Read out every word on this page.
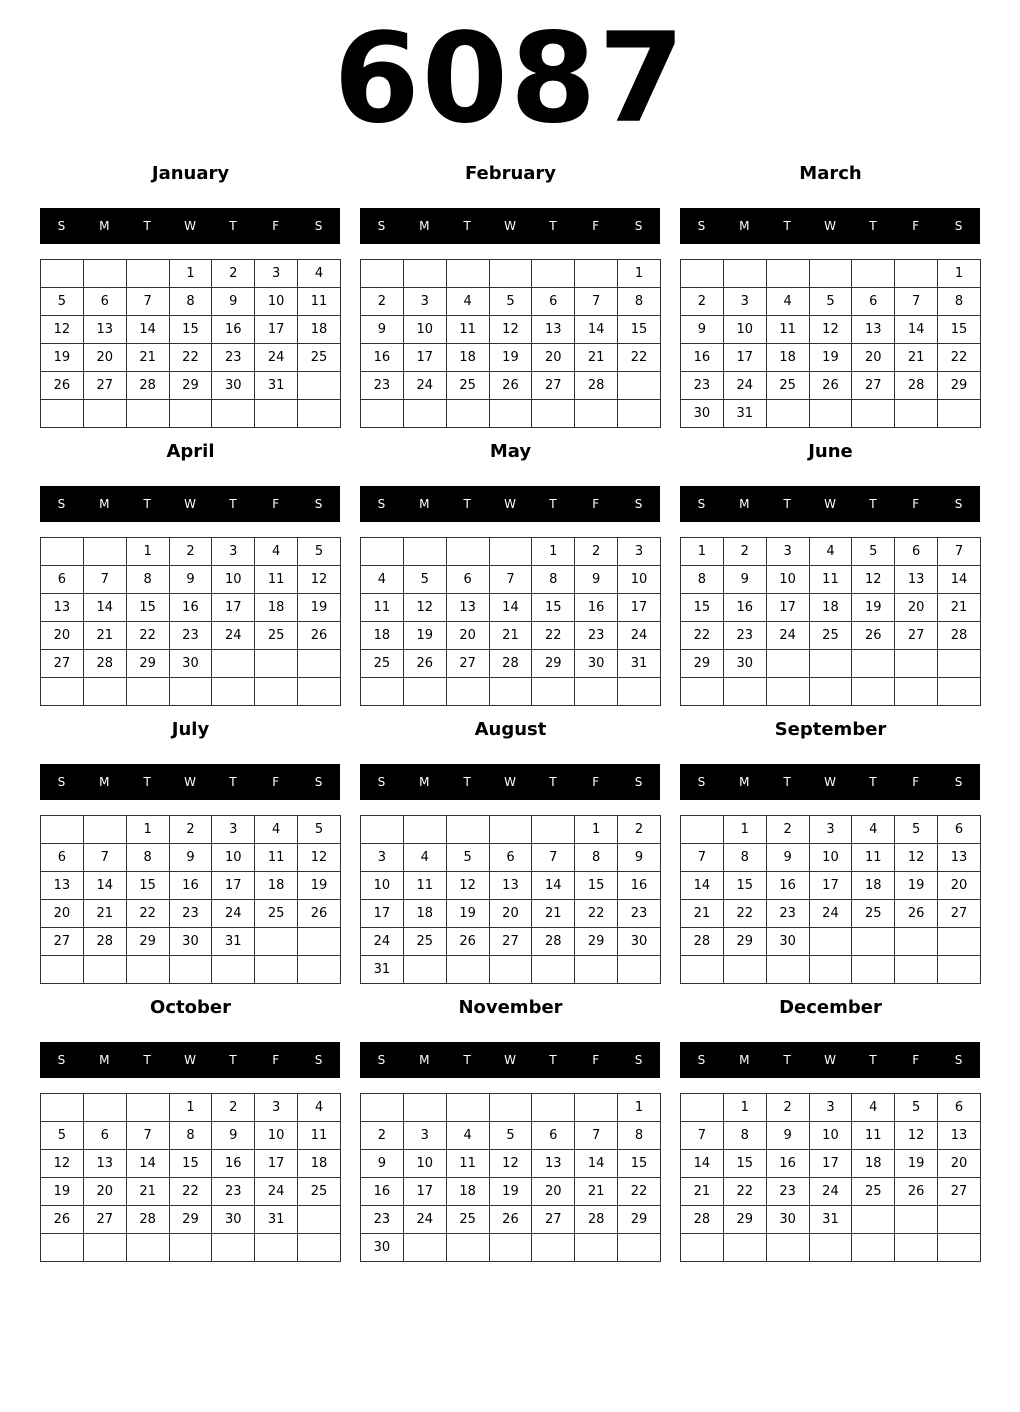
6087
January
S	M	T	W	T	F	S
			1	2	3	4
5	6	7	8	9	10	11
12	13	14	15	16	17	18
19	20	21	22	23	24	25
26	27	28	29	30	31	

February
S	M	T	W	T	F	S
						1
2	3	4	5	6	7	8
9	10	11	12	13	14	15
16	17	18	19	20	21	22
23	24	25	26	27	28	

March
S	M	T	W	T	F	S
						1
2	3	4	5	6	7	8
9	10	11	12	13	14	15
16	17	18	19	20	21	22
23	24	25	26	27	28	29
30	31					
April
S	M	T	W	T	F	S
		1	2	3	4	5
6	7	8	9	10	11	12
13	14	15	16	17	18	19
20	21	22	23	24	25	26
27	28	29	30			

May
S	M	T	W	T	F	S
				1	2	3
4	5	6	7	8	9	10
11	12	13	14	15	16	17
18	19	20	21	22	23	24
25	26	27	28	29	30	31

June
S	M	T	W	T	F	S
1	2	3	4	5	6	7
8	9	10	11	12	13	14
15	16	17	18	19	20	21
22	23	24	25	26	27	28
29	30					

July
S	M	T	W	T	F	S
		1	2	3	4	5
6	7	8	9	10	11	12
13	14	15	16	17	18	19
20	21	22	23	24	25	26
27	28	29	30	31		

August
S	M	T	W	T	F	S
					1	2
3	4	5	6	7	8	9
10	11	12	13	14	15	16
17	18	19	20	21	22	23
24	25	26	27	28	29	30
31						
September
S	M	T	W	T	F	S
	1	2	3	4	5	6
7	8	9	10	11	12	13
14	15	16	17	18	19	20
21	22	23	24	25	26	27
28	29	30				

October
S	M	T	W	T	F	S
			1	2	3	4
5	6	7	8	9	10	11
12	13	14	15	16	17	18
19	20	21	22	23	24	25
26	27	28	29	30	31	

November
S	M	T	W	T	F	S
						1
2	3	4	5	6	7	8
9	10	11	12	13	14	15
16	17	18	19	20	21	22
23	24	25	26	27	28	29
30						
December
S	M	T	W	T	F	S
	1	2	3	4	5	6
7	8	9	10	11	12	13
14	15	16	17	18	19	20
21	22	23	24	25	26	27
28	29	30	31			
